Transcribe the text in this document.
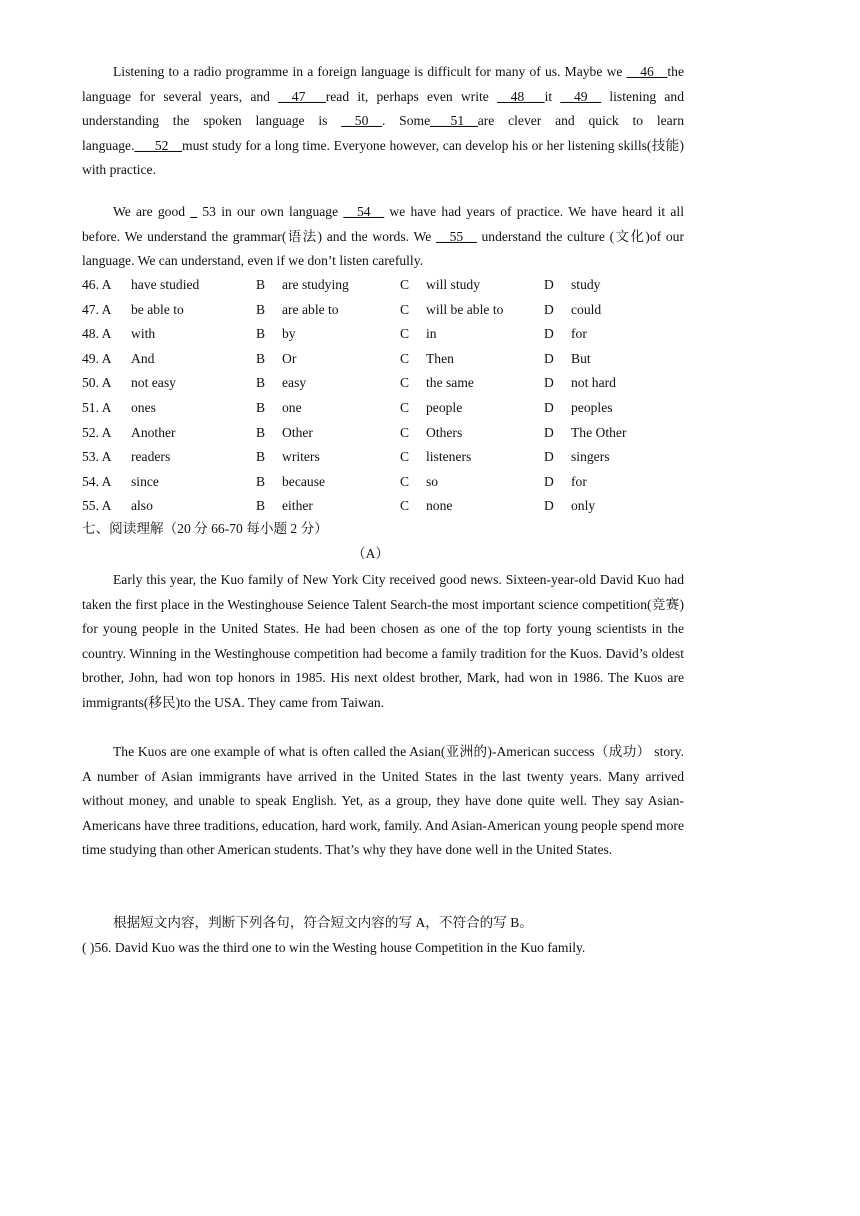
Listening to a radio programme in a foreign language is difficult for many of us. Maybe we __46__the language for several years, and __47___read it, perhaps even write __48___it __49__ listening and understanding the spoken language is __50__. Some___51__are clever and quick to learn language.___52__must study for a long time. Everyone however, can develop his or her listening skills(技能) with practice.

We are good _ 53 in our own language __54__ we have had years of practice. We have heard it all before. We understand the grammar(语法) and the words. We __55__ understand the culture (文化)of our language. We can understand, even if we don’t listen carefully.

46. A have studied	B are studying	C will study	D study
47. A be able to	B are able to	C will be able to	D could
48. A with	B by	C in	D for
49. A And	B Or	C Then	D But
50. A not easy	B easy	C the same	D not hard
51. A ones	B one	C people	D peoples
52. A Another	B Other	C Others	D The Other
53. A readers	B writers	C listeners	D singers
54. A since	B because	C so	D for
55. A also	B either	C none	D only
七、阅读理解（20 分 66-70 每小题 2 分）
（A）

Early this year, the Kuo family of New York City received good news. Sixteen-year-old David Kuo had taken the first place in the Westinghouse Seience Talent Search-the most important science competition(竞赛) for young people in the United States. He had been chosen as one of the top forty young scientists in the country. Winning in the Westinghouse competition had become a family tradition for the Kuos. David’s oldest brother, John, had won top honors in 1985. His next oldest brother, Mark, had won in 1986. The Kuos are immigrants(移民)to the USA. They came from Taiwan.

The Kuos are one example of what is often called the Asian(亚洲的)-American success（成功） story. A number of Asian immigrants have arrived in the United States in the last twenty years. Many arrived without money, and unable to speak English. Yet, as a group, they have done quite well. They say Asian-Americans have three traditions, education, hard work, family. And Asian-American young people spend more time studying than other American students. That’s why they have done well in the United States.

根据短文内容，判断下列各句，符合短文内容的写 A，不符合的写 B。
( )56. David Kuo was the third one to win the Westing house Competition in the Kuo family.
